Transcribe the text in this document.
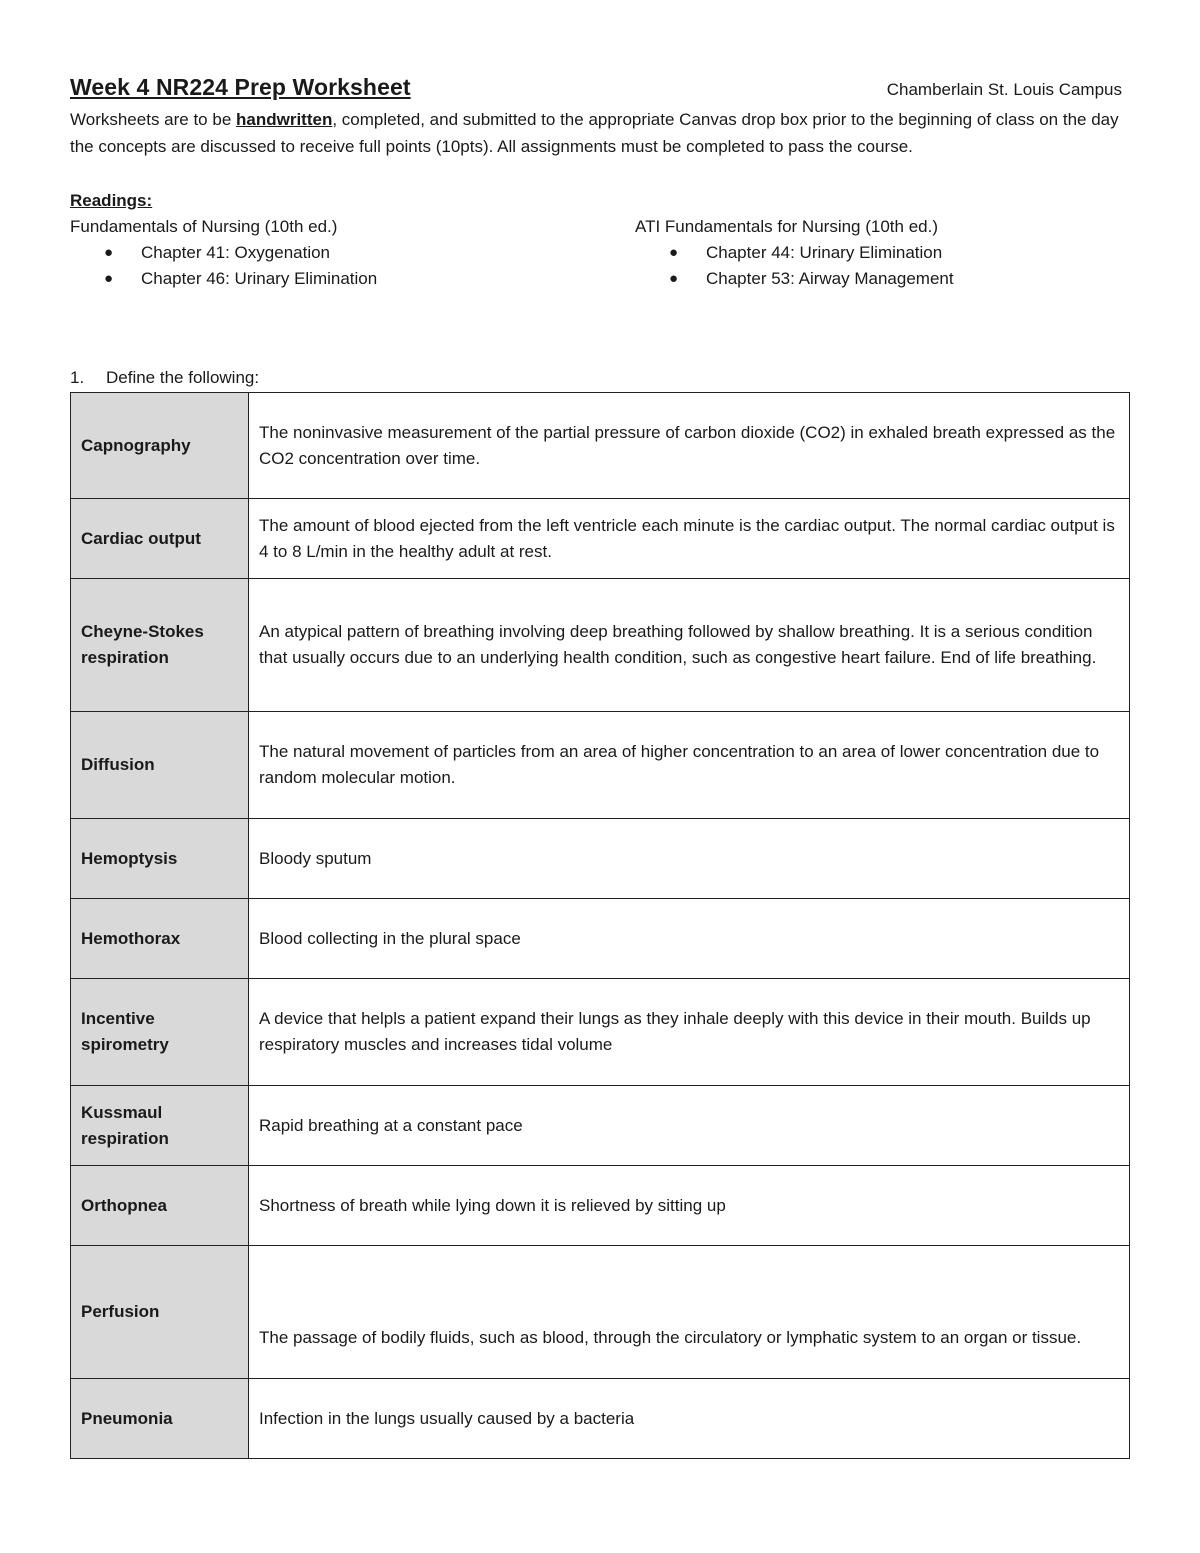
Week 4 NR224 Prep Worksheet	Chamberlain St. Louis Campus
Worksheets are to be handwritten, completed, and submitted to the appropriate Canvas drop box prior to the beginning of class on the day the concepts are discussed to receive full points (10pts). All assignments must be completed to pass the course.
Readings:
Fundamentals of Nursing (10th ed.)
● Chapter 41: Oxygenation
● Chapter 46: Urinary Elimination
ATI Fundamentals for Nursing (10th ed.)
● Chapter 44: Urinary Elimination
● Chapter 53: Airway Management
1. Define the following:
Capnography	The noninvasive measurement of the partial pressure of carbon dioxide (CO2) in exhaled breath expressed as the CO2 concentration over time.
Cardiac output	The amount of blood ejected from the left ventricle each minute is the cardiac output. The normal cardiac output is 4 to 8 L/min in the healthy adult at rest.
Cheyne-Stokes respiration	An atypical pattern of breathing involving deep breathing followed by shallow breathing. It is a serious condition that usually occurs due to an underlying health condition, such as congestive heart failure. End of life breathing.
Diffusion	The natural movement of particles from an area of higher concentration to an area of lower concentration due to random molecular motion.
Hemoptysis	Bloody sputum
Hemothorax	Blood collecting in the plural space
Incentive spirometry	A device that helpls a patient expand their lungs as they inhale deeply with this device in their mouth. Builds up respiratory muscles and increases tidal volume
Kussmaul respiration	Rapid breathing at a constant pace
Orthopnea	Shortness of breath while lying down it is relieved by sitting up
Perfusion	The passage of bodily fluids, such as blood, through the circulatory or lymphatic system to an organ or tissue.
Pneumonia	Infection in the lungs usually caused by a bacteria
